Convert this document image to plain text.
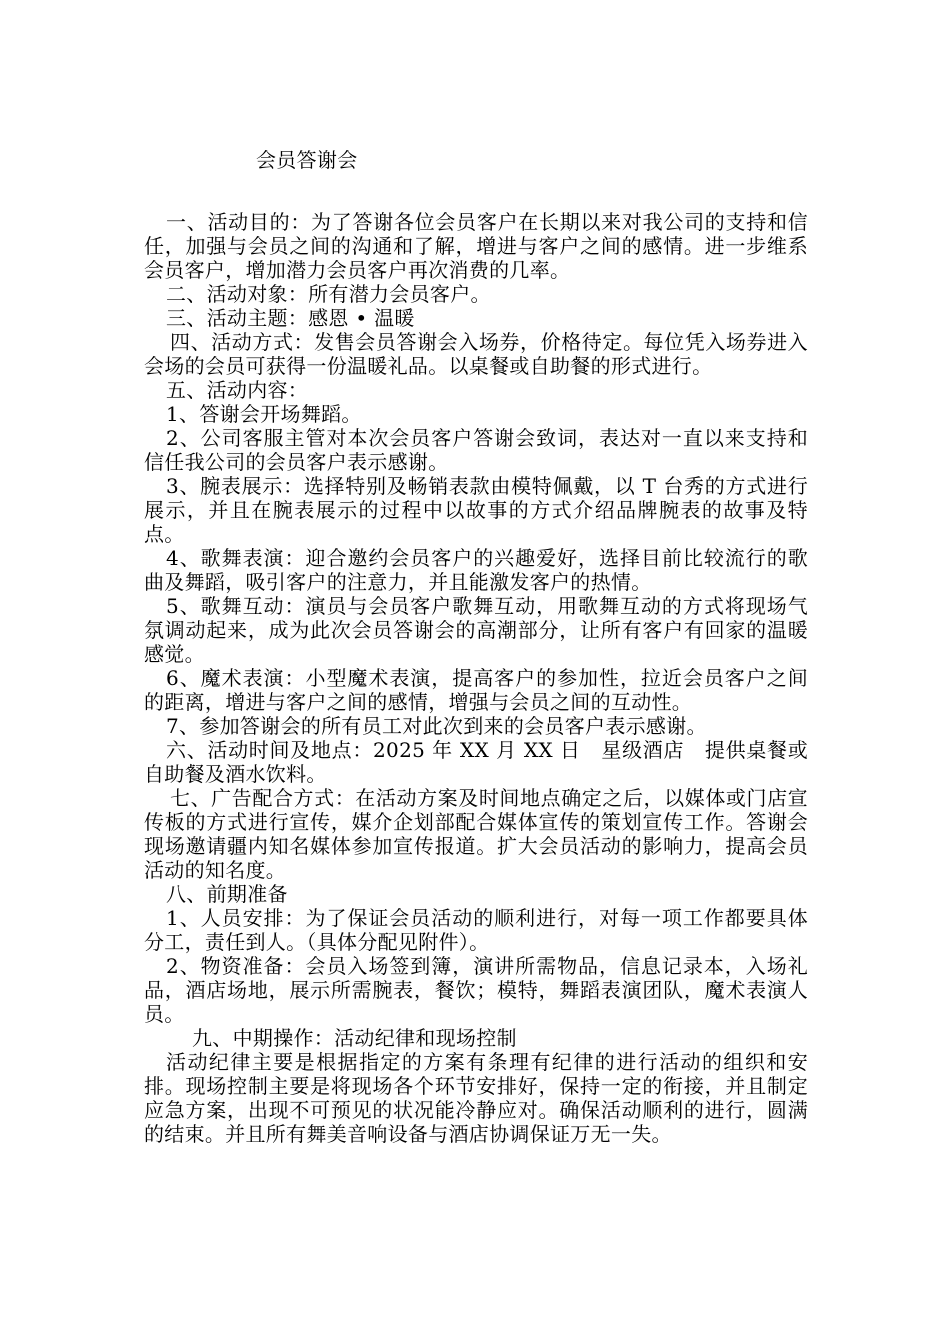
会员答谢会

一、活动目的：为了答谢各位会员客户在长期以来对我公司的支持和信任，加强与会员之间的沟通和了解，增进与客户之间的感情。进一步维系会员客户，增加潜力会员客户再次消费的几率。

二、活动对象：所有潜力会员客户。

三、活动主题：感恩 • 温暖

四、活动方式：发售会员答谢会入场券，价格待定。每位凭入场券进入会场的会员可获得一份温暖礼品。以桌餐或自助餐的形式进行。

五、活动内容：

1、答谢会开场舞蹈。

2、公司客服主管对本次会员客户答谢会致词，表达对一直以来支持和信任我公司的会员客户表示感谢。

3、腕表展示：选择特别及畅销表款由模特佩戴，以 T 台秀的方式进行展示，并且在腕表展示的过程中以故事的方式介绍品牌腕表的故事及特点。

4、歌舞表演：迎合邀约会员客户的兴趣爱好，选择目前比较流行的歌曲及舞蹈，吸引客户的注意力，并且能激发客户的热情。

5、歌舞互动：演员与会员客户歌舞互动，用歌舞互动的方式将现场气氛调动起来，成为此次会员答谢会的高潮部分，让所有客户有回家的温暖感觉。

6、魔术表演：小型魔术表演，提高客户的参加性，拉近会员客户之间的距离，增进与客户之间的感情，增强与会员之间的互动性。

7、参加答谢会的所有员工对此次到来的会员客户表示感谢。

六、活动时间及地点：2025 年 XX 月 XX 日　星级酒店　提供桌餐或自助餐及酒水饮料。

七、广告配合方式：在活动方案及时间地点确定之后，以媒体或门店宣传板的方式进行宣传，媒介企划部配合媒体宣传的策划宣传工作。答谢会现场邀请疆内知名媒体参加宣传报道。扩大会员活动的影响力，提高会员活动的知名度。

八、前期准备

1、人员安排：为了保证会员活动的顺利进行，对每一项工作都要具体分工，责任到人。（具体分配见附件）。

2、物资准备：会员入场签到簿，演讲所需物品，信息记录本，入场礼品，酒店场地，展示所需腕表，餐饮；模特，舞蹈表演团队，魔术表演人员。

九、中期操作：活动纪律和现场控制

活动纪律主要是根据指定的方案有条理有纪律的进行活动的组织和安排。现场控制主要是将现场各个环节安排好，保持一定的衔接，并且制定应急方案，出现不可预见的状况能冷静应对。确保活动顺利的进行，圆满的结束。并且所有舞美音响设备与酒店协调保证万无一失。
